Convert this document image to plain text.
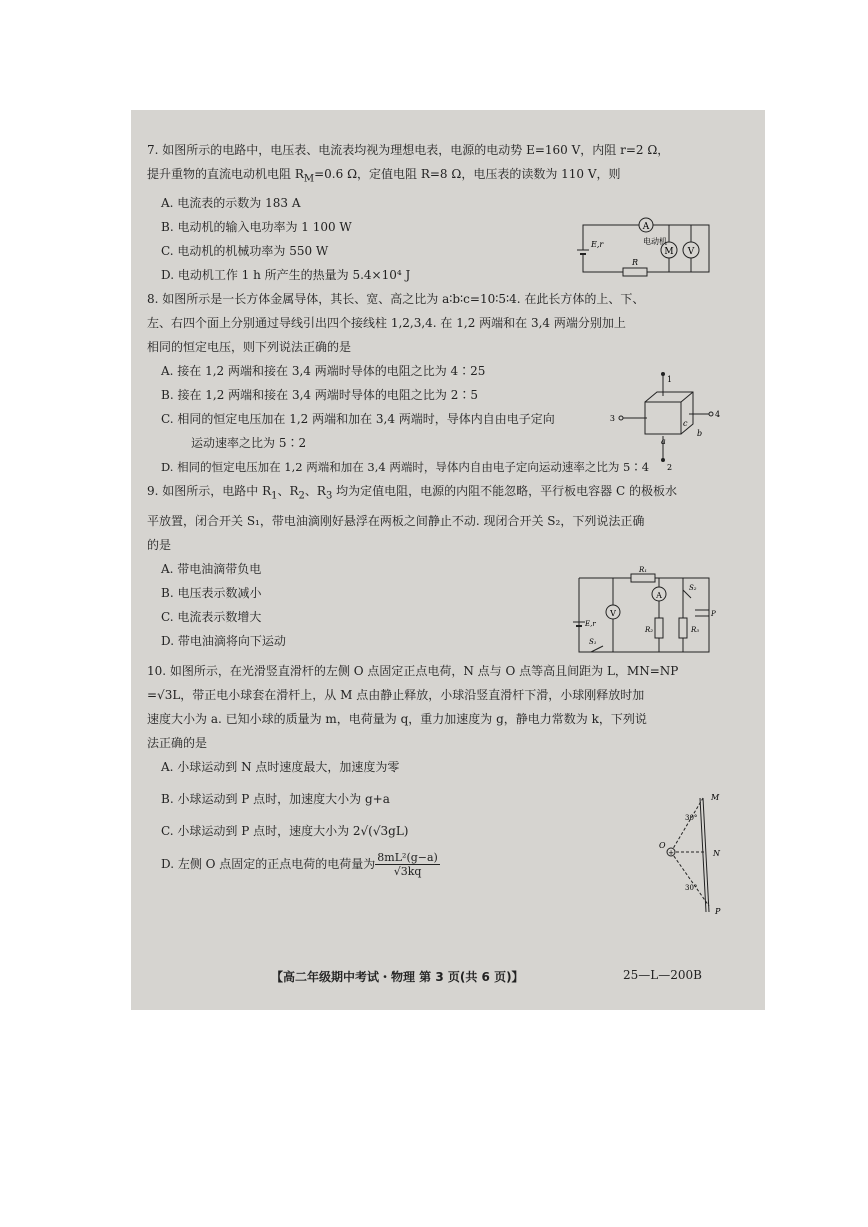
7. 如图所示的电路中，电压表、电流表均视为理想电表，电源的电动势 E=160 V，内阻 r=2 Ω，

提升重物的直流电动机电阻 $R_M=0.6$ Ω，定值电阻 R=8 Ω，电压表的读数为 110 V，则

A. 电流表的示数为 183 A

B. 电动机的输入电功率为 1 100 W

C. 电动机的机械功率为 550 W

D. 电动机工作 1 h 所产生的热量为 5.4×10⁴ J

8. 如图所示是一长方体金属导体，其长、宽、高之比为 a∶b∶c=10∶5∶4. 在此长方体的上、下、

左、右四个面上分别通过导线引出四个接线柱 1,2,3,4. 在 1,2 两端和在 3,4 两端分别加上

相同的恒定电压，则下列说法正确的是

A. 接在 1,2 两端和接在 3,4 两端时导体的电阻之比为 4∶25

B. 接在 1,2 两端和接在 3,4 两端时导体的电阻之比为 2∶5

C. 相同的恒定电压加在 1,2 两端和加在 3,4 两端时，导体内自由电子定向

运动速率之比为 5∶2

D. 相同的恒定电压加在 1,2 两端和加在 3,4 两端时，导体内自由电子定向运动速率之比为 5∶4

9. 如图所示，电路中 $R_1$、$R_2$、$R_3$ 均为定值电阻，电源的内阻不能忽略，平行板电容器 C 的极板水

平放置，闭合开关 S₁，带电油滴刚好悬浮在两板之间静止不动. 现闭合开关 S₂，下列说法正确

的是

A. 带电油滴带负电

B. 电压表示数减小

C. 电流表示数增大

D. 带电油滴将向下运动

10. 如图所示，在光滑竖直滑杆的左侧 O 点固定正点电荷，N 点与 O 点等高且间距为 L，MN=NP

=√3L，带正电小球套在滑杆上，从 M 点由静止释放，小球沿竖直滑杆下滑，小球刚释放时加

速度大小为 a. 已知小球的质量为 m，电荷量为 q，重力加速度为 g，静电力常数为 k，下列说

法正确的是

A. 小球运动到 N 点时速度最大，加速度为零

B. 小球运动到 P 点时，加速度大小为 g+a

C. 小球运动到 P 点时，速度大小为 2√(√3gL)

D. 左侧 O 点固定的正点电荷的电荷量为 $\frac{\text{8mL²(g−a)}}{√3kq}$

A
M V
R
E,r	电动机
1
2
3	4
a
b
c
R₁
R₂	R₃
V
A
E,r
S₁
S₂
P
+
O
M
N
P
30°
30°
【高二年级期中考试・物理 第 3 页(共 6 页)】	25—L—200B
